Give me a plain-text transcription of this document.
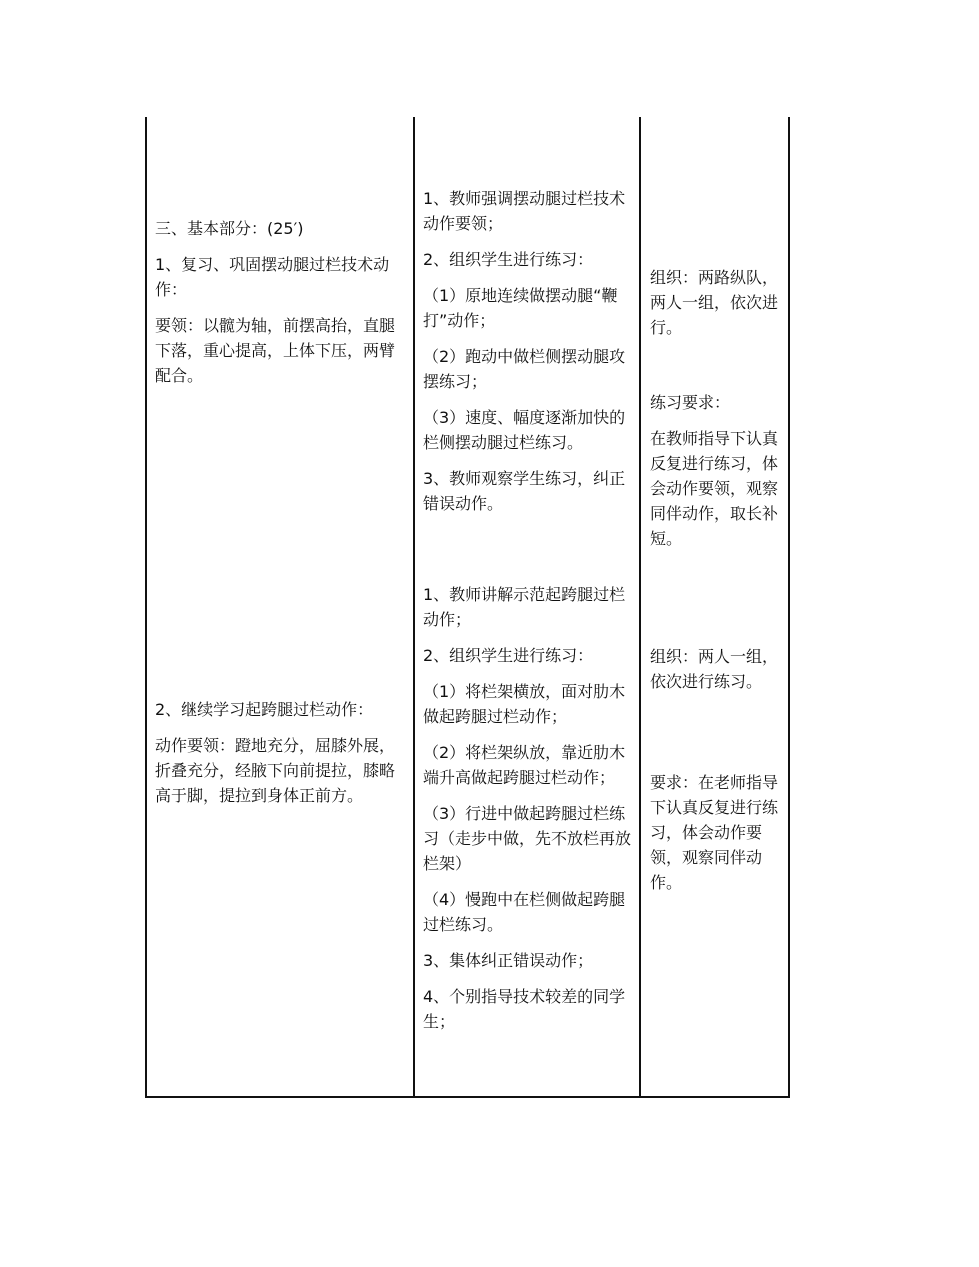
三、基本部分：(25′)

1、复习、巩固摆动腿过栏技术动作：

要领：以髋为轴，前摆高抬，直腿下落，重心提高，上体下压，两臂配合。

2、继续学习起跨腿过栏动作：

动作要领：蹬地充分，屈膝外展，折叠充分，经腋下向前提拉，膝略高于脚，提拉到身体正前方。

1、教师强调摆动腿过栏技术动作要领；

2、组织学生进行练习：

（1）原地连续做摆动腿“鞭打”动作；

（2）跑动中做栏侧摆动腿攻摆练习；

（3）速度、幅度逐渐加快的栏侧摆动腿过栏练习。

3、教师观察学生练习，纠正错误动作。

1、教师讲解示范起跨腿过栏动作；

2、组织学生进行练习：

（1）将栏架横放，面对肋木做起跨腿过栏动作；

（2）将栏架纵放，靠近肋木端升高做起跨腿过栏动作；

（3）行进中做起跨腿过栏练习（走步中做，先不放栏再放栏架）

（4）慢跑中在栏侧做起跨腿过栏练习。

3、集体纠正错误动作；

4、个别指导技术较差的同学生；

组织：两路纵队，两人一组，依次进行。

练习要求：

在教师指导下认真反复进行练习，体会动作要领，观察同伴动作，取长补短。

组织：两人一组，依次进行练习。

要求：在老师指导下认真反复进行练习，体会动作要领，观察同伴动作。
